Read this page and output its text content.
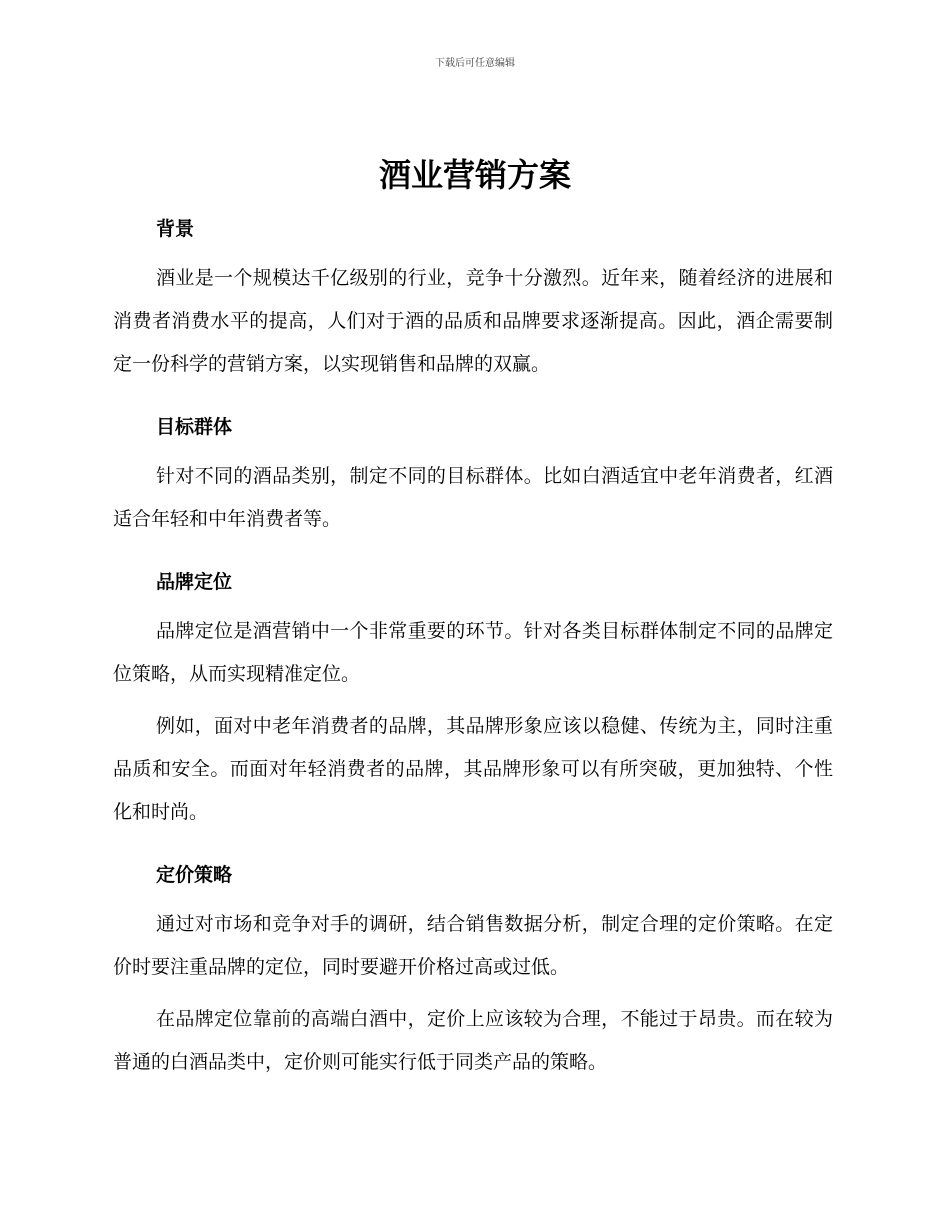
下载后可任意编辑
酒业营销方案
背景

酒业是一个规模达千亿级别的行业，竞争十分激烈。近年来，随着经济的进展和消费者消费水平的提高，人们对于酒的品质和品牌要求逐渐提高。因此，酒企需要制定一份科学的营销方案，以实现销售和品牌的双赢。

目标群体

针对不同的酒品类别，制定不同的目标群体。比如白酒适宜中老年消费者，红酒适合年轻和中年消费者等。

品牌定位

品牌定位是酒营销中一个非常重要的环节。针对各类目标群体制定不同的品牌定位策略，从而实现精准定位。

例如，面对中老年消费者的品牌，其品牌形象应该以稳健、传统为主，同时注重品质和安全。而面对年轻消费者的品牌，其品牌形象可以有所突破，更加独特、个性化和时尚。

定价策略

通过对市场和竞争对手的调研，结合销售数据分析，制定合理的定价策略。在定价时要注重品牌的定位，同时要避开价格过高或过低。

在品牌定位靠前的高端白酒中，定价上应该较为合理，不能过于昂贵。而在较为普通的白酒品类中，定价则可能实行低于同类产品的策略。
